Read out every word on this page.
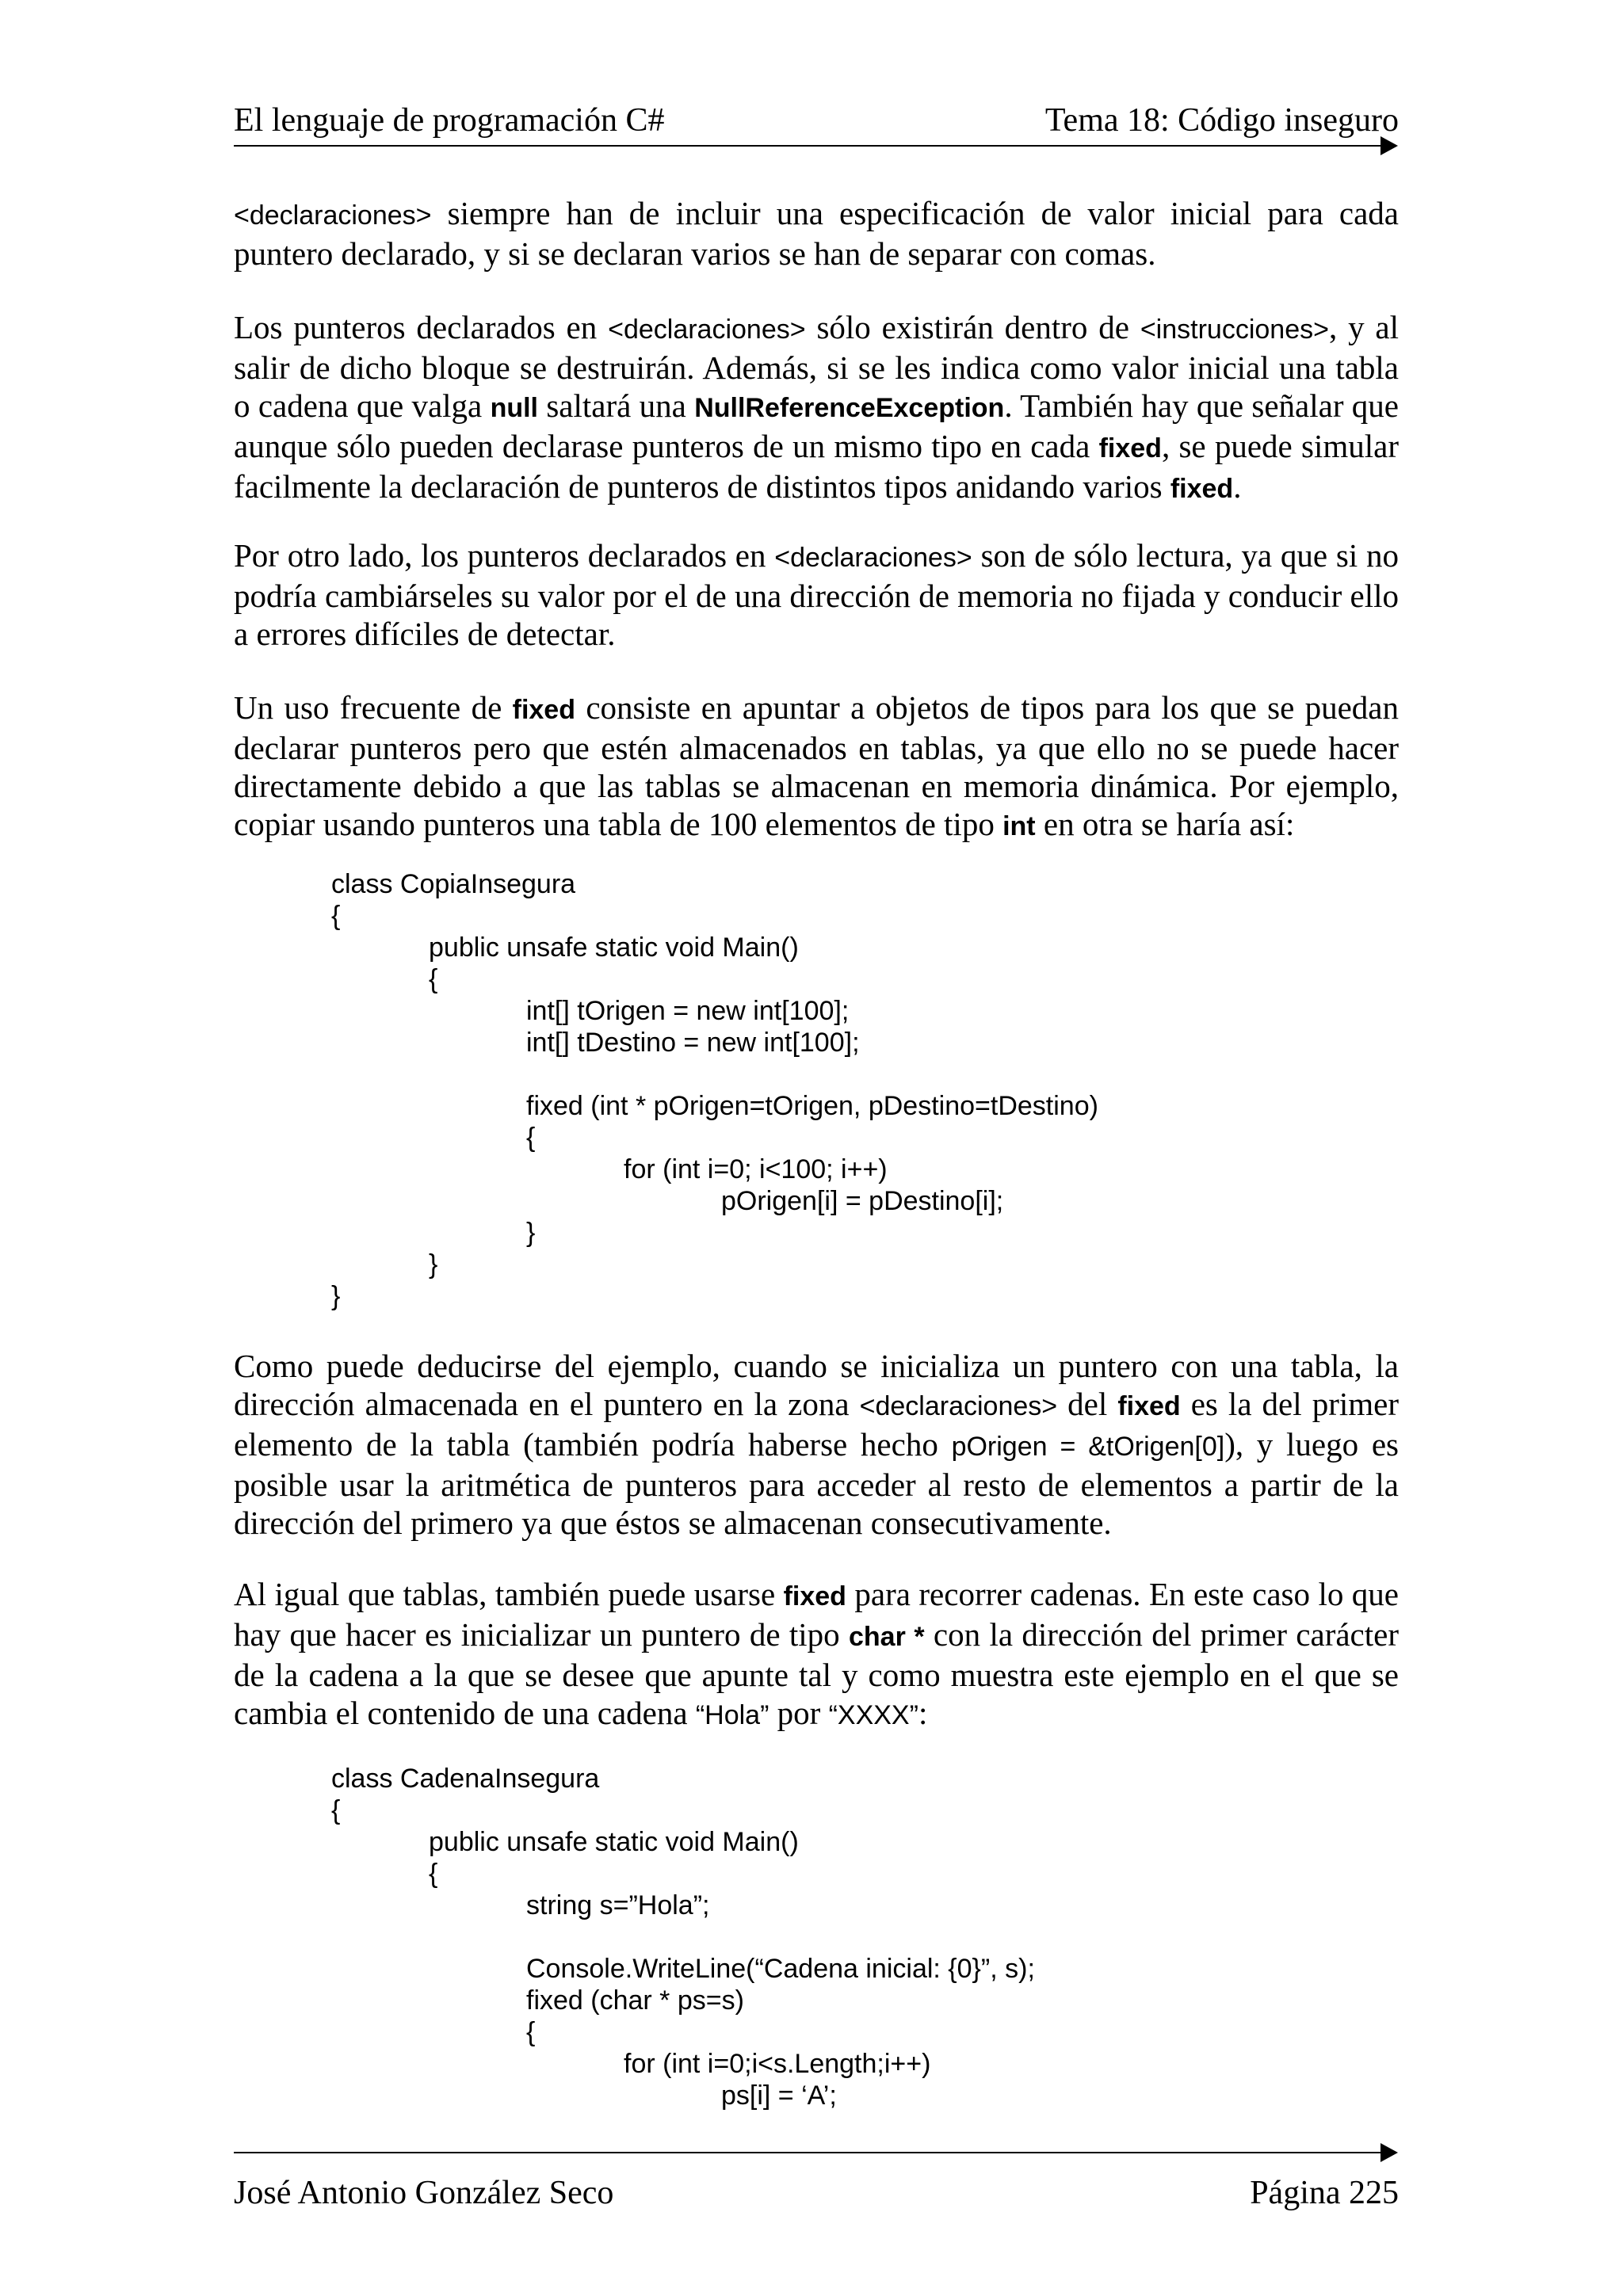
El lenguaje de programación C#	Tema 18: Código inseguro
<declaraciones> siempre han de incluir una especificación de valor inicial para cada puntero declarado, y si se declaran varios se han de separar con comas.
Los punteros declarados en <declaraciones> sólo existirán dentro de <instrucciones>, y al salir de dicho bloque se destruirán. Además, si se les indica como valor inicial una tabla o cadena que valga null saltará una NullReferenceException. También hay que señalar que aunque sólo pueden declarase punteros de un mismo tipo en cada fixed, se puede simular facilmente la declaración de punteros de distintos tipos anidando varios fixed.
Por otro lado, los punteros declarados en <declaraciones> son de sólo lectura, ya que si no podría cambiárseles su valor por el de una dirección de memoria no fijada y conducir ello a errores difíciles de detectar.
Un uso frecuente de fixed consiste en apuntar a objetos de tipos para los que se puedan declarar punteros pero que estén almacenados en tablas, ya que ello no se puede hacer directamente debido a que las tablas se almacenan en memoria dinámica. Por ejemplo, copiar usando punteros una tabla de 100 elementos de tipo int en otra se haría así:
class CopiaInsegura
{
public unsafe static void Main()
{
int[] tOrigen = new int[100];
int[] tDestino = new int[100];
fixed (int * pOrigen=tOrigen, pDestino=tDestino)
{
for (int i=0; i<100; i++)
pOrigen[i] = pDestino[i];
}
}
}
Como puede deducirse del ejemplo, cuando se inicializa un puntero con una tabla, la dirección almacenada en el puntero en la zona <declaraciones> del fixed es la del primer elemento de la tabla (también podría haberse hecho pOrigen = &tOrigen[0]), y luego es posible usar la aritmética de punteros para acceder al resto de elementos a partir de la dirección del primero ya que éstos se almacenan consecutivamente.
Al igual que tablas, también puede usarse fixed para recorrer cadenas. En este caso lo que hay que hacer es inicializar un puntero de tipo char * con la dirección del primer carácter de la cadena a la que se desee que apunte tal y como muestra este ejemplo en el que se cambia el contenido de una cadena “Hola” por “XXXX”:
class CadenaInsegura
{
public unsafe static void Main()
{
string s=”Hola”;
Console.WriteLine(“Cadena inicial: {0}”, s);
fixed (char * ps=s)
{
for (int i=0;i<s.Length;i++)
ps[i] = ‘A’;
José Antonio González Seco	Página 225
